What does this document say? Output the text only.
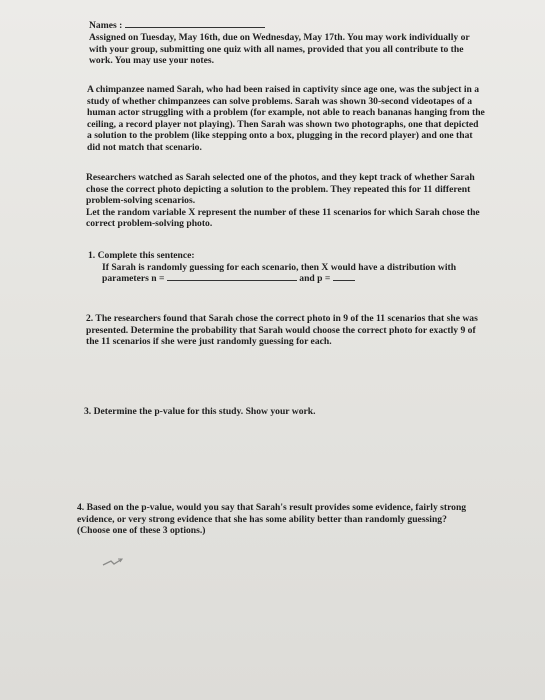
Names :
Assigned on Tuesday, May 16th, due on Wednesday, May 17th. You may work individually or
with your group, submitting one quiz with all names, provided that you all contribute to the
work. You may use your notes.
A chimpanzee named Sarah, who had been raised in captivity since age one, was the subject in a
study of whether chimpanzees can solve problems. Sarah was shown 30-second videotapes of a
human actor struggling with a problem (for example, not able to reach bananas hanging from the
ceiling, a record player not playing). Then Sarah was shown two photographs, one that depicted
a solution to the problem (like stepping onto a box, plugging in the record player) and one that
did not match that scenario.
Researchers watched as Sarah selected one of the photos, and they kept track of whether Sarah
chose the correct photo depicting a solution to the problem. They repeated this for 11 different
problem-solving scenarios.
Let the random variable X represent the number of these 11 scenarios for which Sarah chose the
correct problem-solving photo.
1. Complete this sentence:
If Sarah is randomly guessing for each scenario, then X would have a distribution with
parameters n =	and p =
2. The researchers found that Sarah chose the correct photo in 9 of the 11 scenarios that she was
presented. Determine the probability that Sarah would choose the correct photo for exactly 9 of
the 11 scenarios if she were just randomly guessing for each.
3. Determine the p-value for this study. Show your work.
4. Based on the p-value, would you say that Sarah's result provides some evidence, fairly strong
evidence, or very strong evidence that she has some ability better than randomly guessing?
(Choose one of these 3 options.)
